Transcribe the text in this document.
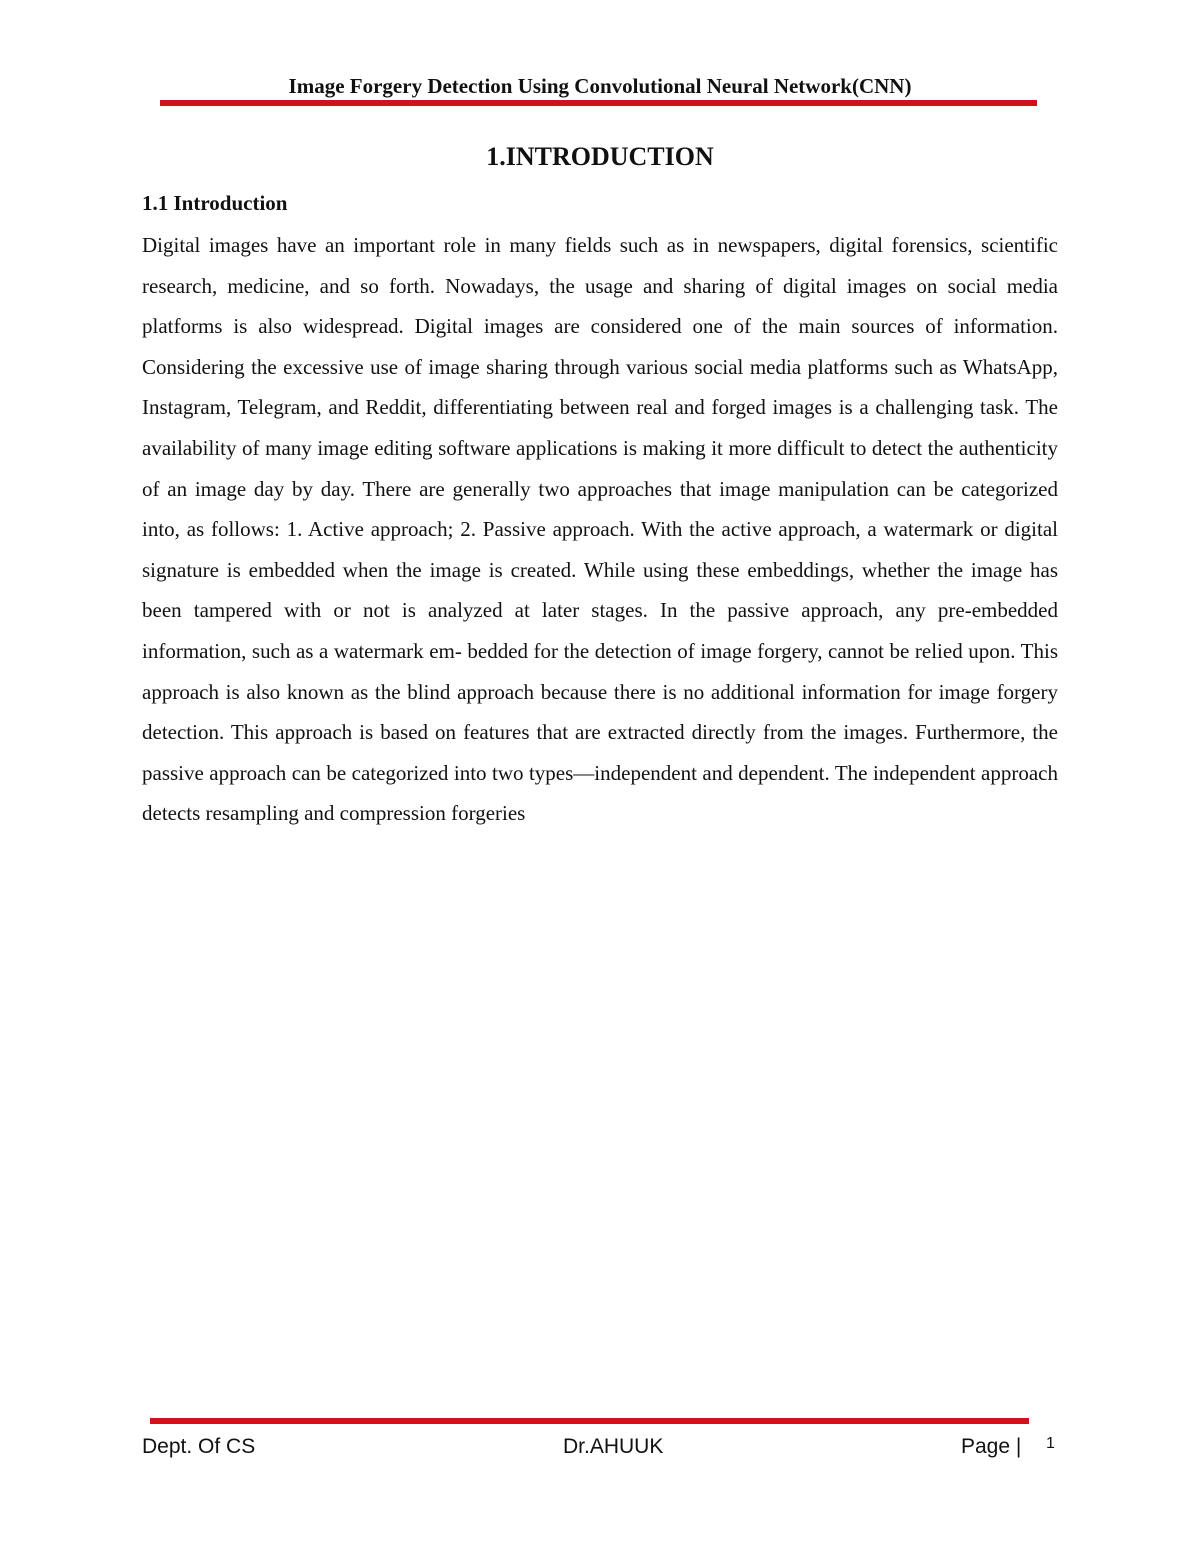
Image Forgery Detection Using Convolutional Neural Network(CNN)
1.INTRODUCTION
1.1 Introduction

Digital images have an important role in many fields such as in newspapers, digital forensics, scientific research, medicine, and so forth. Nowadays, the usage and sharing of digital images on social media platforms is also widespread. Digital images are considered one of the main sources of information. Considering the excessive use of image sharing through various social media platforms such as WhatsApp, Instagram, Telegram, and Reddit, differentiating between real and forged images is a challenging task. The availability of many image editing software applications is making it more difficult to detect the authenticity of an image day by day. There are generally two approaches that image manipulation can be categorized into, as follows: 1. Active approach; 2. Passive approach. With the active approach, a watermark or digital signature is embedded when the image is created. While using these embeddings, whether the image has been tampered with or not is analyzed at later stages. In the passive approach, any pre-embedded information, such as a watermark em- bedded for the detection of image forgery, cannot be relied upon. This approach is also known as the blind approach because there is no additional information for image forgery detection. This approach is based on features that are extracted directly from the images. Furthermore, the passive approach can be categorized into two types—independent and dependent. The independent approach detects resampling and compression forgeries

Dept. Of CS	Dr.AHUUK	Page | 1
